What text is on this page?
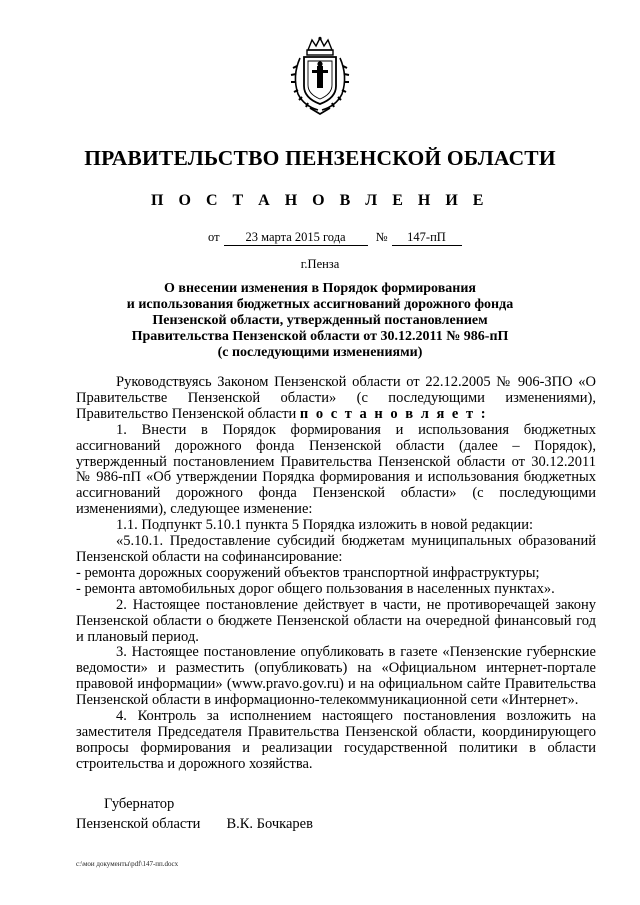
ПРАВИТЕЛЬСТВО ПЕНЗЕНСКОЙ ОБЛАСТИ
П О С Т А Н О В Л Е Н И Е
от 23 марта 2015 года № 147-пП
г.Пенза
О внесении изменения в Порядок формирования
и использования бюджетных ассигнований дорожного фонда
Пензенской области, утвержденный постановлением
Правительства Пензенской области от 30.12.2011 № 986-пП
(с последующими изменениями)

Руководствуясь Законом Пензенской области от 22.12.2005 № 906-ЗПО «О Правительстве Пензенской области» (с последующими изменениями), Правительство Пензенской области п о с т а н о в л я е т :

1. Внести в Порядок формирования и использования бюджетных ассигнований дорожного фонда Пензенской области (далее – Порядок), утвержденный постановлением Правительства Пензенской области от 30.12.2011 № 986-пП «Об утверждении Порядка формирования и использования бюджетных ассигнований дорожного фонда Пензенской области» (с последующими изменениями), следующее изменение:

1.1. Подпункт 5.10.1 пункта 5 Порядка изложить в новой редакции:

«5.10.1. Предоставление субсидий бюджетам муниципальных образований Пензенской области на софинансирование:

- ремонта дорожных сооружений объектов транспортной инфраструктуры;

- ремонта автомобильных дорог общего пользования в населенных пунктах».

2. Настоящее постановление действует в части, не противоречащей закону Пензенской области о бюджете Пензенской области на очередной финансовый год и плановый период.

3. Настоящее постановление опубликовать в газете «Пензенские губернские ведомости» и разместить (опубликовать) на «Официальном интернет-портале правовой информации» (www.pravo.gov.ru) и на официальном сайте Правительства Пензенской области в информационно-телекоммуникационной сети «Интернет».

4. Контроль за исполнением настоящего постановления возложить на заместителя Председателя Правительства Пензенской области, координирующего вопросы формирования и реализации государственной политики в области строительства и дорожного хозяйства.

Губернатор
Пензенской области В.К. Бочкарев
c:\мои документы\pdf\147-пп.docx
